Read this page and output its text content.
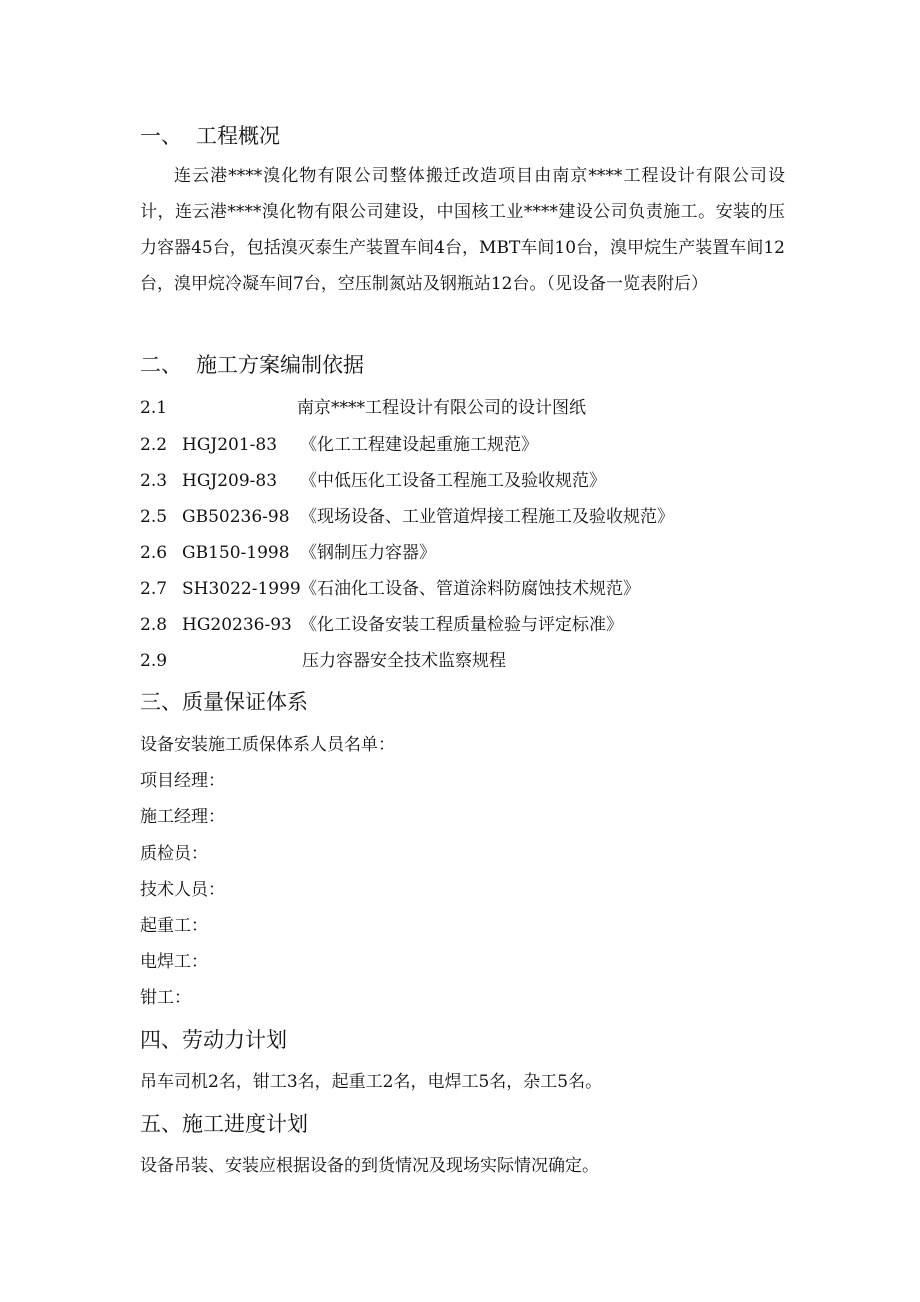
一、 工程概况
连云港****溴化物有限公司整体搬迁改造项目由南京****工程设计有限公司设计，连云港****溴化物有限公司建设，中国核工业****建设公司负责施工。安装的压力容器45台，包括溴灭泰生产装置车间4台，MBT车间10台，溴甲烷生产装置车间12台，溴甲烷冷凝车间7台，空压制氮站及钢瓶站12台。（见设备一览表附后）
二、 施工方案编制依据
2.1	南京****工程设计有限公司的设计图纸
2.2 HGJ201-83 《化工工程建设起重施工规范》
2.3 HGJ209-83 《中低压化工设备工程施工及验收规范》
2.5 GB50236-98 《现场设备、工业管道焊接工程施工及验收规范》
2.6 GB150-1998 《钢制压力容器》
2.7 SH3022-1999 《石油化工设备、管道涂料防腐蚀技术规范》
2.8 HG20236-93 《化工设备安装工程质量检验与评定标准》
2.9	压力容器安全技术监察规程
三、质量保证体系
设备安装施工质保体系人员名单：
项目经理：
施工经理：
质检员：
技术人员：
起重工：
电焊工：
钳工：
四、劳动力计划
吊车司机2名，钳工3名，起重工2名，电焊工5名，杂工5名。
五、施工进度计划
设备吊装、安装应根据设备的到货情况及现场实际情况确定。
